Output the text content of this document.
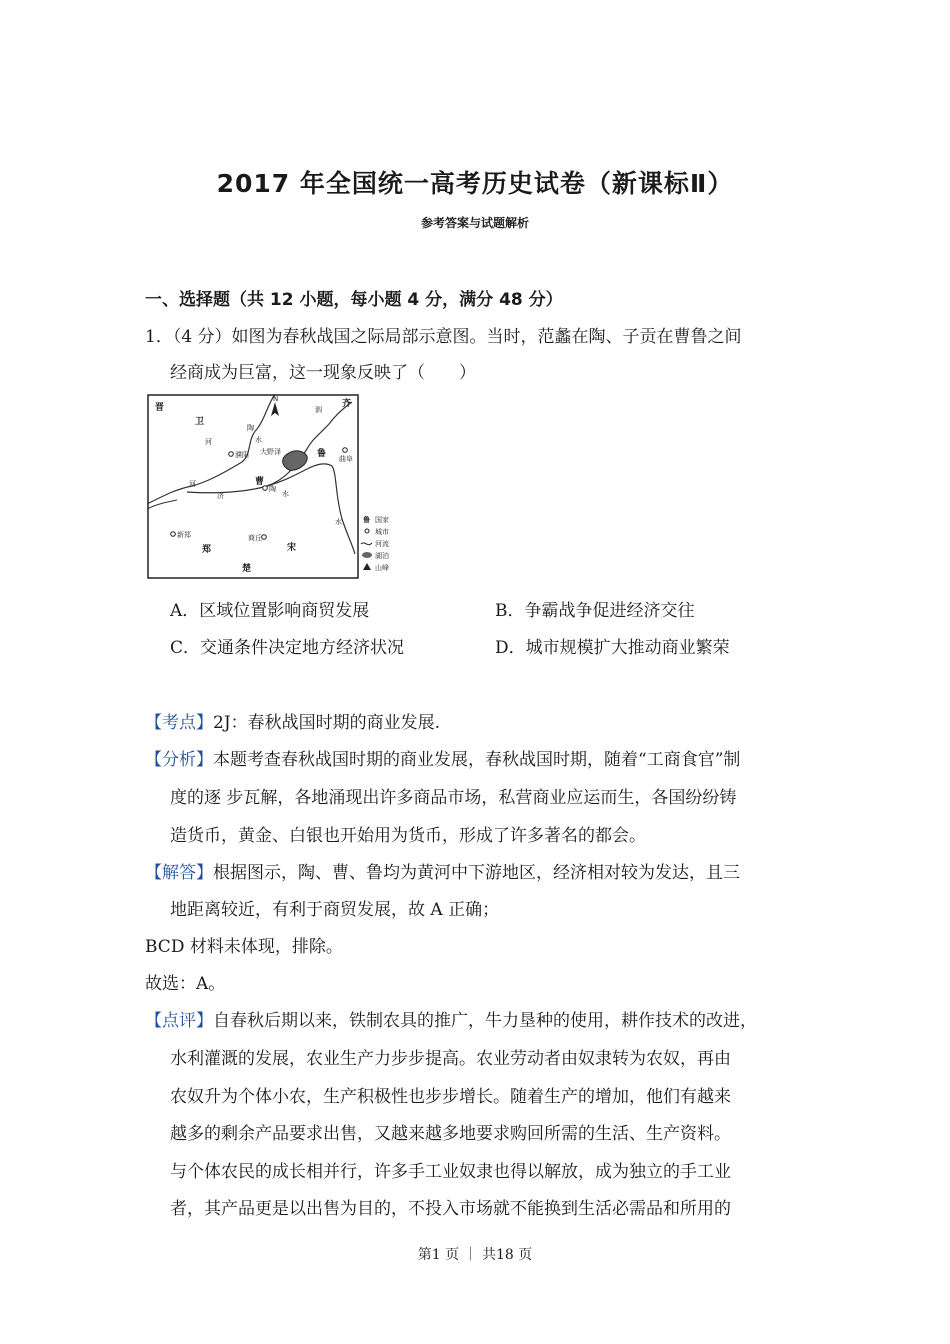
2017 年全国统一高考历史试卷（新课标Ⅱ）
参考答案与试题解析
一、选择题（共 12 小题，每小题 4 分，满分 48 分）
1．（4 分）如图为春秋战国之际局部示意图。当时，范蠡在陶、子贡在曹鲁之间
经商成为巨富，这一现象反映了（　　）
N
晋
卫
齐
鲁
曹
郑	宋
楚
濮阳 大野泽
曲阜
陶
新郑	商丘
河
河
济	水
泗
水
陶
水
鲁 国家
城市
河流
湖泊
山峰
A．区域位置影响商贸发展	B．争霸战争促进经济交往
C．交通条件决定地方经济状况	D．城市规模扩大推动商业繁荣
【考点】2J：春秋战国时期的商业发展.
【分析】本题考查春秋战国时期的商业发展，春秋战国时期，随着“工商食官”制
度的逐 步瓦解，各地涌现出许多商品市场，私营商业应运而生，各国纷纷铸
造货币，黄金、白银也开始用为货币，形成了许多著名的都会。
【解答】根据图示，陶、曹、鲁均为黄河中下游地区，经济相对较为发达，且三
地距离较近，有利于商贸发展，故 A 正确；
BCD 材料未体现，排除。
故选：A。
【点评】自春秋后期以来，铁制农具的推广，牛力垦种的使用，耕作技术的改进，
水利灌溉的发展，农业生产力步步提高。农业劳动者由奴隶转为农奴，再由
农奴升为个体小农，生产积极性也步步增长。随着生产的增加，他们有越来
越多的剩余产品要求出售，又越来越多地要求购回所需的生活、生产资料。
与个体农民的成长相并行，许多手工业奴隶也得以解放，成为独立的手工业
者，其产品更是以出售为目的，不投入市场就不能换到生活必需品和所用的
第1 页 ｜ 共18 页
